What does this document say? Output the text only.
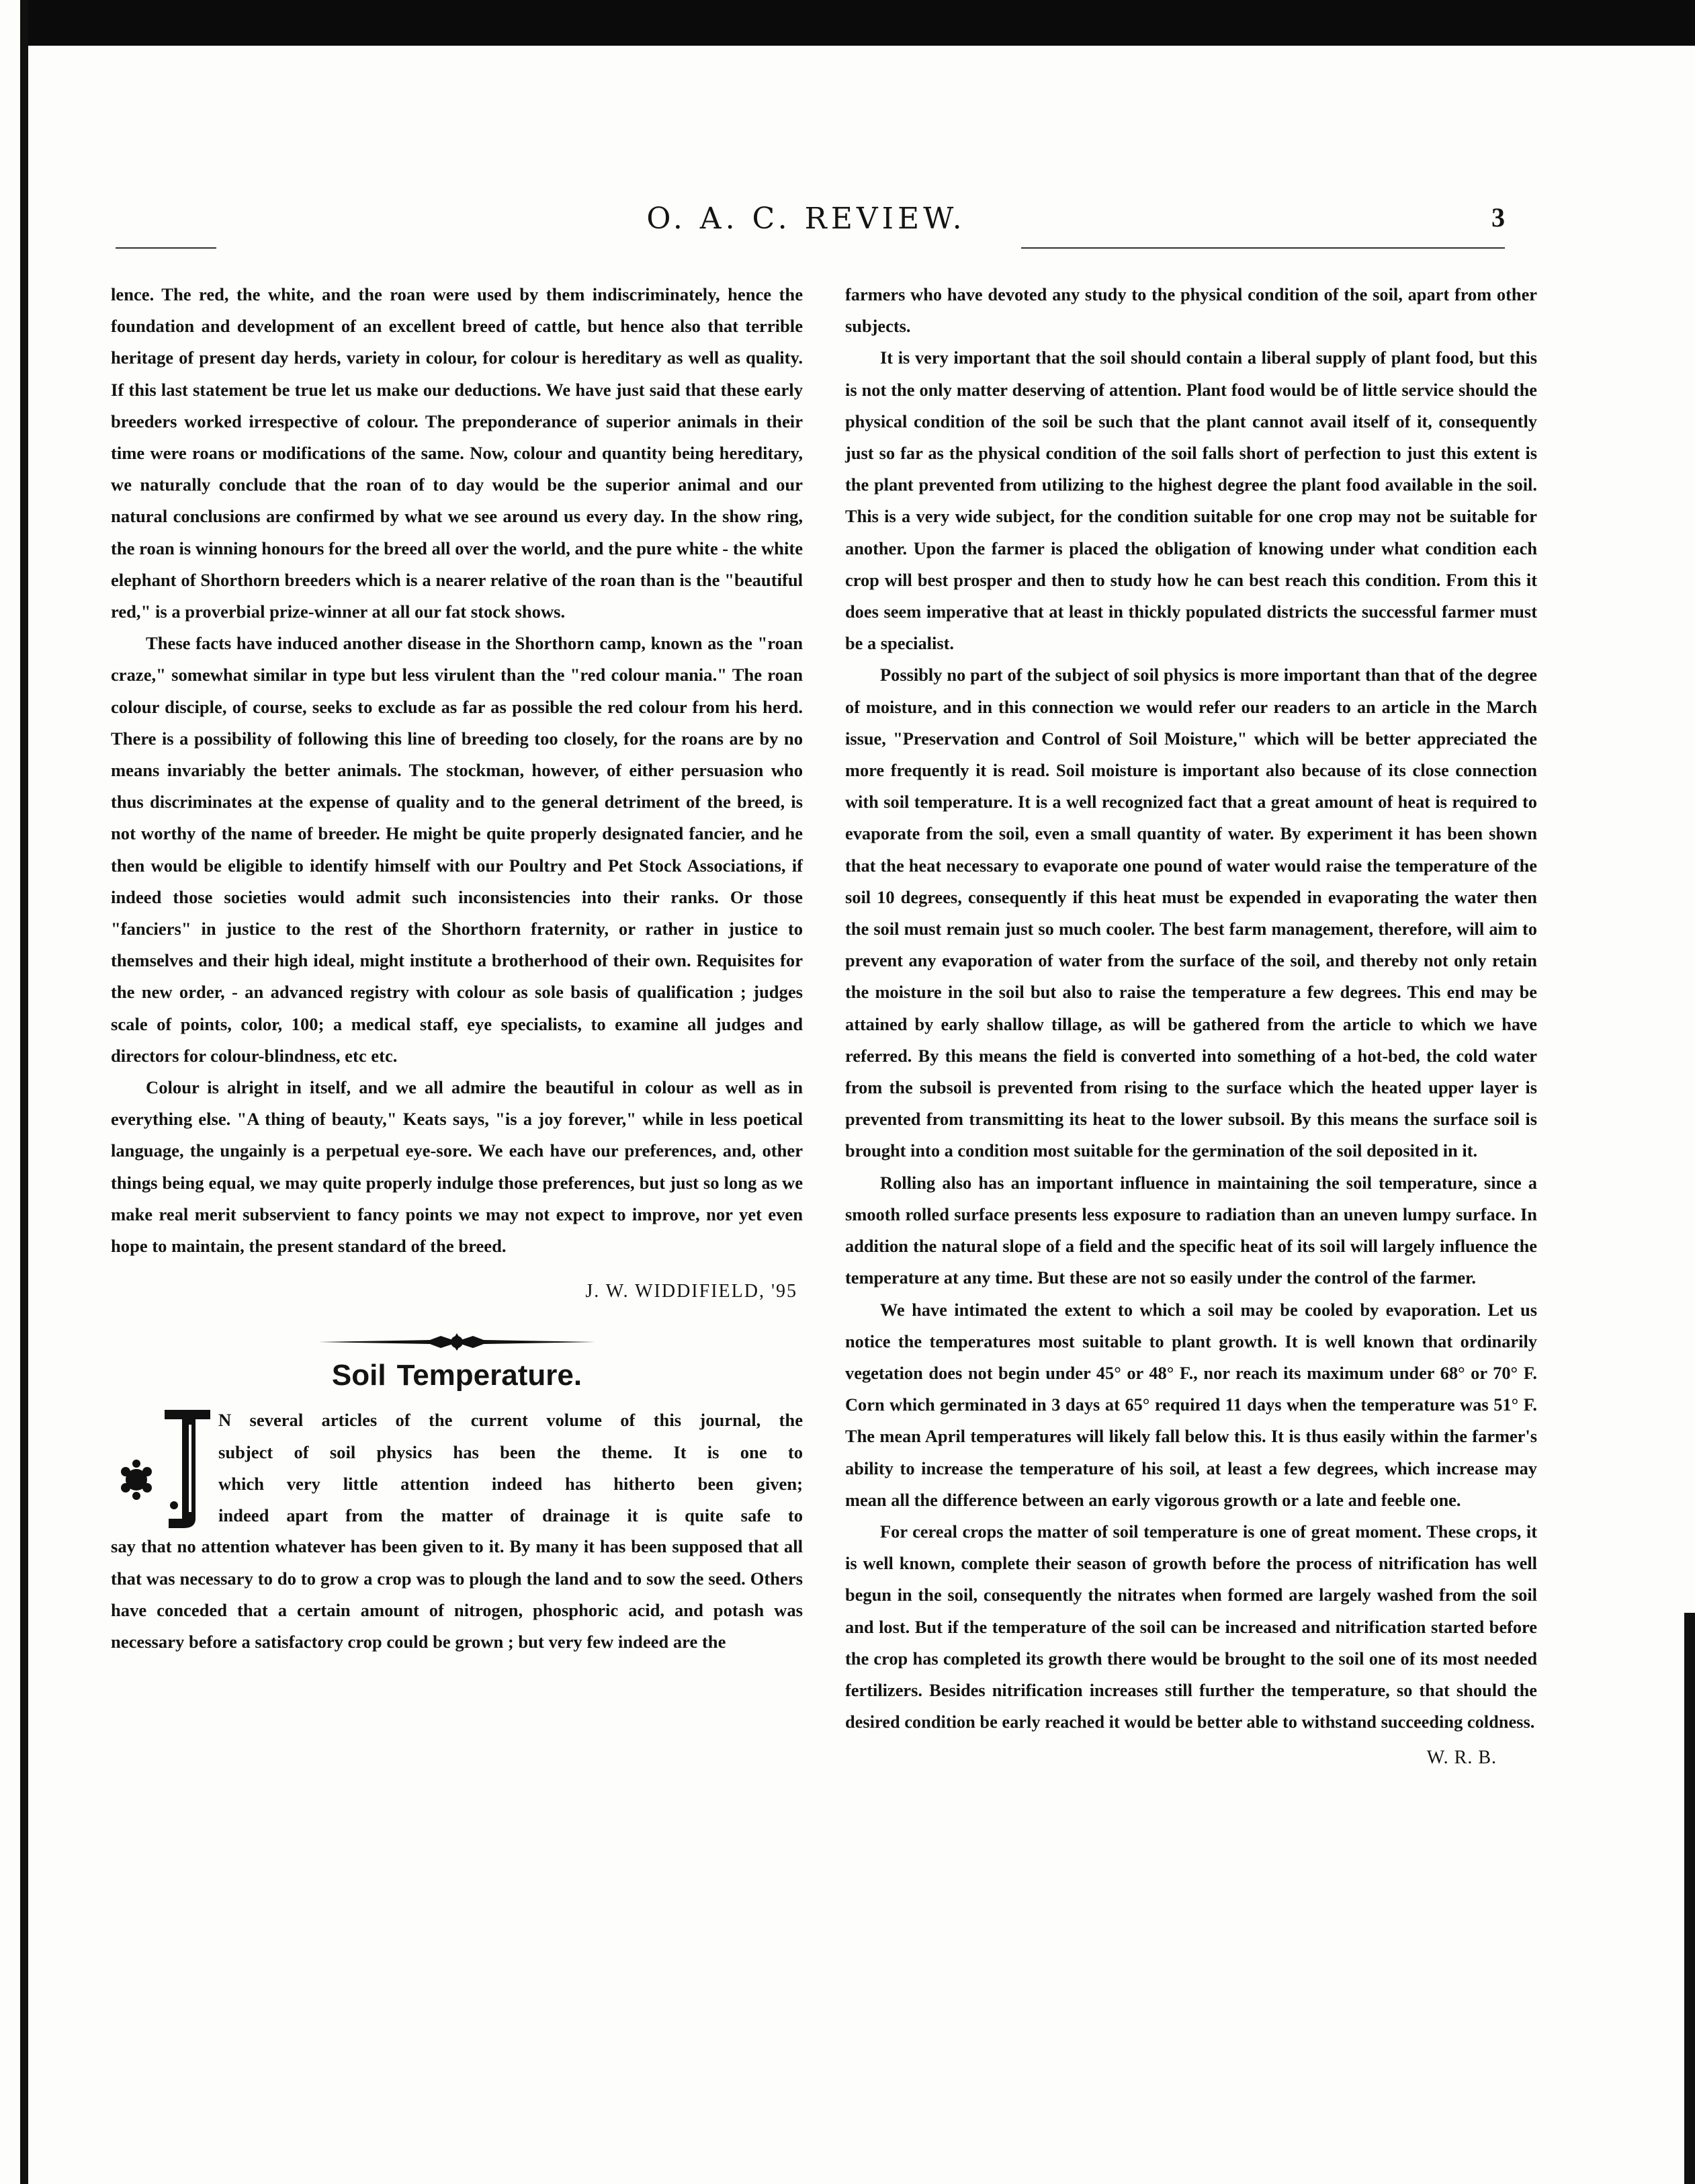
O. A. C. REVIEW.	3

lence. The red, the white, and the roan were used by them indiscriminately, hence the foundation and development of an excellent breed of cattle, but hence also that terrible heritage of present day herds, variety in colour, for colour is hereditary as well as quality. If this last statement be true let us make our deductions. We have just said that these early breeders worked irrespective of colour. The preponderance of superior animals in their time were roans or modifications of the same. Now, colour and quantity being hereditary, we naturally conclude that the roan of to day would be the superior animal and our natural conclusions are confirmed by what we see around us every day. In the show ring, the roan is winning honours for the breed all over the world, and the pure white - the white elephant of Shorthorn breeders which is a nearer relative of the roan than is the "beautiful red," is a proverbial prize-winner at all our fat stock shows.

These facts have induced another disease in the Shorthorn camp, known as the "roan craze," somewhat similar in type but less virulent than the "red colour mania." The roan colour disciple, of course, seeks to exclude as far as possible the red colour from his herd. There is a possibility of following this line of breeding too closely, for the roans are by no means invariably the better animals. The stockman, however, of either persuasion who thus discriminates at the expense of quality and to the general detriment of the breed, is not worthy of the name of breeder. He might be quite properly designated fancier, and he then would be eligible to identify himself with our Poultry and Pet Stock Associations, if indeed those societies would admit such inconsistencies into their ranks. Or those "fanciers" in justice to the rest of the Shorthorn fraternity, or rather in justice to themselves and their high ideal, might institute a brotherhood of their own. Requisites for the new order, - an advanced registry with colour as sole basis of qualification ; judges scale of points, color, 100; a medical staff, eye specialists, to examine all judges and directors for colour-blindness, etc etc.

Colour is alright in itself, and we all admire the beautiful in colour as well as in everything else. "A thing of beauty," Keats says, "is a joy forever," while in less poetical language, the ungainly is a perpetual eye-sore. We each have our preferences, and, other things being equal, we may quite properly indulge those preferences, but just so long as we make real merit subservient to fancy points we may not expect to improve, nor yet even hope to maintain, the present standard of the breed.

J. W. WIDDIFIELD, '95
Soil Temperature.
I

N several articles of the current volume of this journal, the

subject of soil physics has been the theme. It is one to

which very little attention indeed has hitherto been given;

indeed apart from the matter of drainage it is quite safe to

say that no attention whatever has been given to it. By many it has been supposed that all that was necessary to do to grow a crop was to plough the land and to sow the seed. Others have conceded that a certain amount of nitrogen, phosphoric acid, and potash was necessary before a satisfactory crop could be grown ; but very few indeed are the

farmers who have devoted any study to the physical condition of the soil, apart from other subjects.

It is very important that the soil should contain a liberal supply of plant food, but this is not the only matter deserving of attention. Plant food would be of little service should the physical condition of the soil be such that the plant cannot avail itself of it, consequently just so far as the physical condition of the soil falls short of perfection to just this extent is the plant prevented from utilizing to the highest degree the plant food available in the soil. This is a very wide subject, for the condition suitable for one crop may not be suitable for another. Upon the farmer is placed the obligation of knowing under what condition each crop will best prosper and then to study how he can best reach this condition. From this it does seem imperative that at least in thickly populated districts the successful farmer must be a specialist.

Possibly no part of the subject of soil physics is more important than that of the degree of moisture, and in this connection we would refer our readers to an article in the March issue, "Preservation and Control of Soil Moisture," which will be better appreciated the more frequently it is read. Soil moisture is important also because of its close connection with soil temperature. It is a well recognized fact that a great amount of heat is required to evaporate from the soil, even a small quantity of water. By experiment it has been shown that the heat necessary to evaporate one pound of water would raise the temperature of the soil 10 degrees, consequently if this heat must be expended in evaporating the water then the soil must remain just so much cooler. The best farm management, therefore, will aim to prevent any evaporation of water from the surface of the soil, and thereby not only retain the moisture in the soil but also to raise the temperature a few degrees. This end may be attained by early shallow tillage, as will be gathered from the article to which we have referred. By this means the field is converted into something of a hot-bed, the cold water from the subsoil is prevented from rising to the surface which the heated upper layer is prevented from transmitting its heat to the lower subsoil. By this means the surface soil is brought into a condition most suitable for the germination of the soil deposited in it.

Rolling also has an important influence in maintaining the soil temperature, since a smooth rolled surface presents less exposure to radiation than an uneven lumpy surface. In addition the natural slope of a field and the specific heat of its soil will largely influence the temperature at any time. But these are not so easily under the control of the farmer.

We have intimated the extent to which a soil may be cooled by evaporation. Let us notice the temperatures most suitable to plant growth. It is well known that ordinarily vegetation does not begin under 45° or 48° F., nor reach its maximum under 68° or 70° F. Corn which germinated in 3 days at 65° required 11 days when the temperature was 51° F. The mean April temperatures will likely fall below this. It is thus easily within the farmer's ability to increase the temperature of his soil, at least a few degrees, which increase may mean all the difference between an early vigorous growth or a late and feeble one.

For cereal crops the matter of soil temperature is one of great moment. These crops, it is well known, complete their season of growth before the process of nitrification has well begun in the soil, consequently the nitrates when formed are largely washed from the soil and lost. But if the temperature of the soil can be increased and nitrification started before the crop has completed its growth there would be brought to the soil one of its most needed fertilizers. Besides nitrification increases still further the temperature, so that should the desired condition be early reached it would be better able to withstand succeeding coldness.

W. R. B.
